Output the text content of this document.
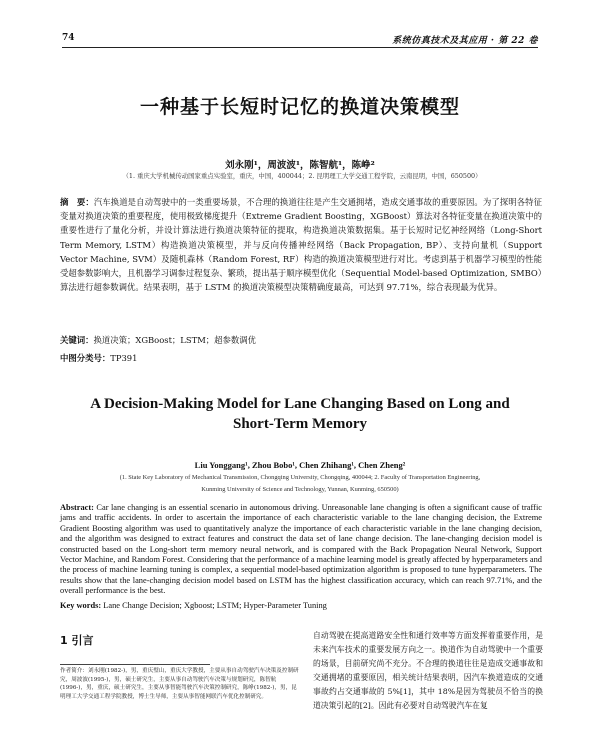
74	系统仿真技术及其应用 · 第 22 卷
一种基于长短时记忆的换道决策模型
刘永刚¹，周波波¹，陈智航¹，陈峥²
（1. 重庆大学机械传动国家重点实验室，重庆，中国，400044；2. 昆明理工大学交通工程学院，云南昆明，中国，650500）
摘　要：汽车换道是自动驾驶中的一类重要场景，不合理的换道往往是产生交通拥堵，造成交通事故的重要原因。为了探明各特征变量对换道决策的重要程度，使用极致梯度提升（Extreme Gradient Boosting，XGBoost）算法对各特征变量在换道决策中的重要性进行了量化分析，并设计算法进行换道决策特征的提取，构造换道决策数据集。基于长短时记忆神经网络（Long-Short Term Memory, LSTM）构造换道决策模型，并与反向传播神经网络（Back Propagation, BP）、支持向量机（Support Vector Machine, SVM）及随机森林（Random Forest, RF）构造的换道决策模型进行对比。考虑到基于机器学习模型的性能受超参数影响大，且机器学习调参过程复杂、繁琐，提出基于顺序模型优化（Sequential Model-based Optimization, SMBO）算法进行超参数调优。结果表明，基于 LSTM 的换道决策模型决策精确度最高，可达到 97.71%，综合表现最为优异。
关键词：换道决策；XGBoost；LSTM；超参数调优
中图分类号：TP391
A Decision-Making Model for Lane Changing Based on Long and
Short-Term Memory
Liu Yonggang¹, Zhou Bobo¹, Chen Zhihang¹, Chen Zheng²
(1. State Key Laboratory of Mechanical Transmission, Chongqing University, Chongqing, 400044; 2. Faculty of Transportation Engineering,
Kunming University of Science and Technology, Yunnan, Kunming, 650500)
Abstract: Car lane changing is an essential scenario in autonomous driving. Unreasonable lane changing is often a significant cause of traffic jams and traffic accidents. In order to ascertain the importance of each characteristic variable to the lane changing decision, the Extreme Gradient Boosting algorithm was used to quantitatively analyze the importance of each characteristic variable in the lane changing decision, and the algorithm was designed to extract features and construct the data set of lane change decision. The lane-changing decision model is constructed based on the Long-short term memory neural network, and is compared with the Back Propagation Neural Network, Support Vector Machine, and Random Forest. Considering that the performance of a machine learning model is greatly affected by hyperparameters and the process of machine learning tuning is complex, a sequential model-based optimization algorithm is proposed to tune hyperparameters. The results show that the lane-changing decision model based on LSTM has the highest classification accuracy, which can reach 97.71%, and the overall performance is the best.
Key words: Lane Change Decision; Xgboost; LSTM; Hyper-Parameter Tuning
1 引言
作者简介：刘永刚(1982-)，男，重庆璧山，重庆大学教授，主要从事自动驾驶汽车决策及控制研究，周波波(1995-)，男，硕士研究生，主要从事自动驾驶汽车决策与规划研究，陈智航(1996-)，男，重庆，硕士研究生，主要从事智能驾驶汽车决策控制研究，陈峥(1982-)，男，昆明理工大学交通工程学院教授，博士生导师，主要从事智能网联汽车优化控制研究。
自动驾驶在提高道路安全性和通行效率等方面发挥着重要作用，是未来汽车技术的重要发展方向之一。换道作为自动驾驶中一个重要的场景，目前研究尚不充分。不合理的换道往往是造成交通事故和交通拥堵的重要原因，相关统计结果表明，因汽车换道造成的交通事故约占交通事故的 5%[1]，其中 18%是因为驾驶员不恰当的换道决策引起的[2]。因此有必要对自动驾驶汽车在复
